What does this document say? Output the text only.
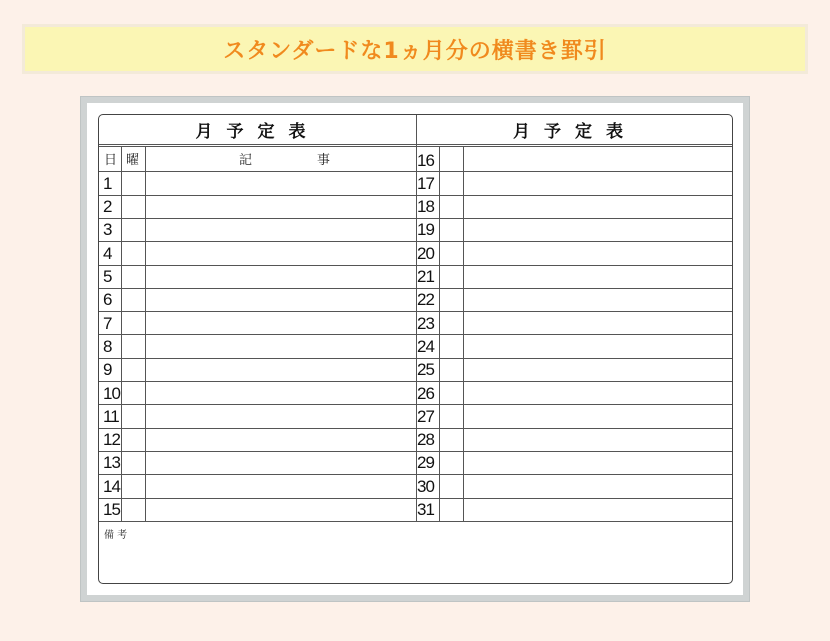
スタンダードな1ヵ月分の横書き罫引
月予定表	月予定表
日 曜	記　　　　　事
1
2
3
4
5
6
7
8
9
10
11
12
13
14
15
16
17
18
19
20
21
22
23
24
25
26
27
28
29
30
31
備 考
